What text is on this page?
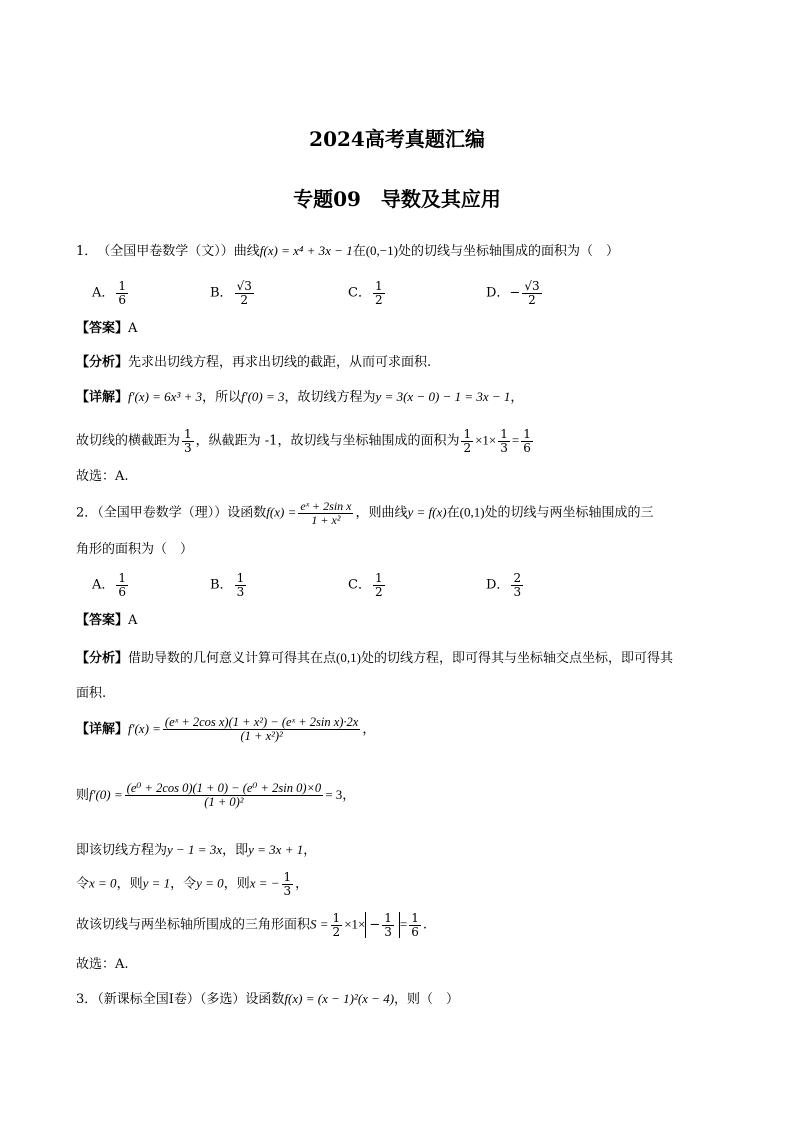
2024高考真题汇编
专题09　导数及其应用
1．　（全国甲卷数学（文））曲线f(x) = x⁴ + 3x − 1在(0,−1)处的切线与坐标轴围成的面积为（　）
A． $\frac{1}{6}$	B． $\frac{√3}{2}$	C． $\frac{1}{2}$	D．− $\frac{√3}{2}$
【答案】A
【分析】先求出切线方程，再求出切线的截距，从而可求面积.
【详解】f′(x) = 6x³ + 3，所以f′(0) = 3，故切线方程为y = 3(x − 0) − 1 = 3x − 1，
故切线的横截距为 $\frac{1}{3}$ ，纵截距为 -1，故切线与坐标轴围成的面积为 $\frac{1}{2} \times 1\times \frac{1}{3} = \frac{1}{6}$
故选：A.
2．（全国甲卷数学（理））设函数$f(x) = \frac{\text{eˣ + 2sin x}}{\text{1 + x²}}$ ，则曲线y = f(x)在(0,1)处的切线与两坐标轴围成的三
角形的面积为（　）
A． $\frac{1}{6}$	B． $\frac{1}{3}$	C． $\frac{1}{2}$	D． $\frac{2}{3}$
【答案】A
【分析】借助导数的几何意义计算可得其在点(0,1)处的切线方程，即可得其与坐标轴交点坐标，即可得其
面积.
【详解】$f'(x) = \frac{\text{(eˣ + 2cos x)(1 + x²) − (eˣ + 2sin x)·2x}}{\text{(1 + x²)²}}$ ，
则$f'(0) = \frac{\text{(e⁰ + 2cos 0)(1 + 0) − (e⁰ + 2sin 0)×0}}{\text{(1 + 0)²}} = 3$，
即该切线方程为y − 1 = 3x，即y = 3x + 1，
令x = 0，则y = 1，令y = 0，则x = − $\frac{1}{3}$ ，
故该切线与两坐标轴所围成的三角形面积$S = \frac{1}{2} \times 1\times - \frac{1}{3} = \frac{1}{6}$ .
故选：A.
3．（新课标全国Ⅰ卷）（多选）设函数f(x) = (x − 1)²(x − 4)，则（　）
